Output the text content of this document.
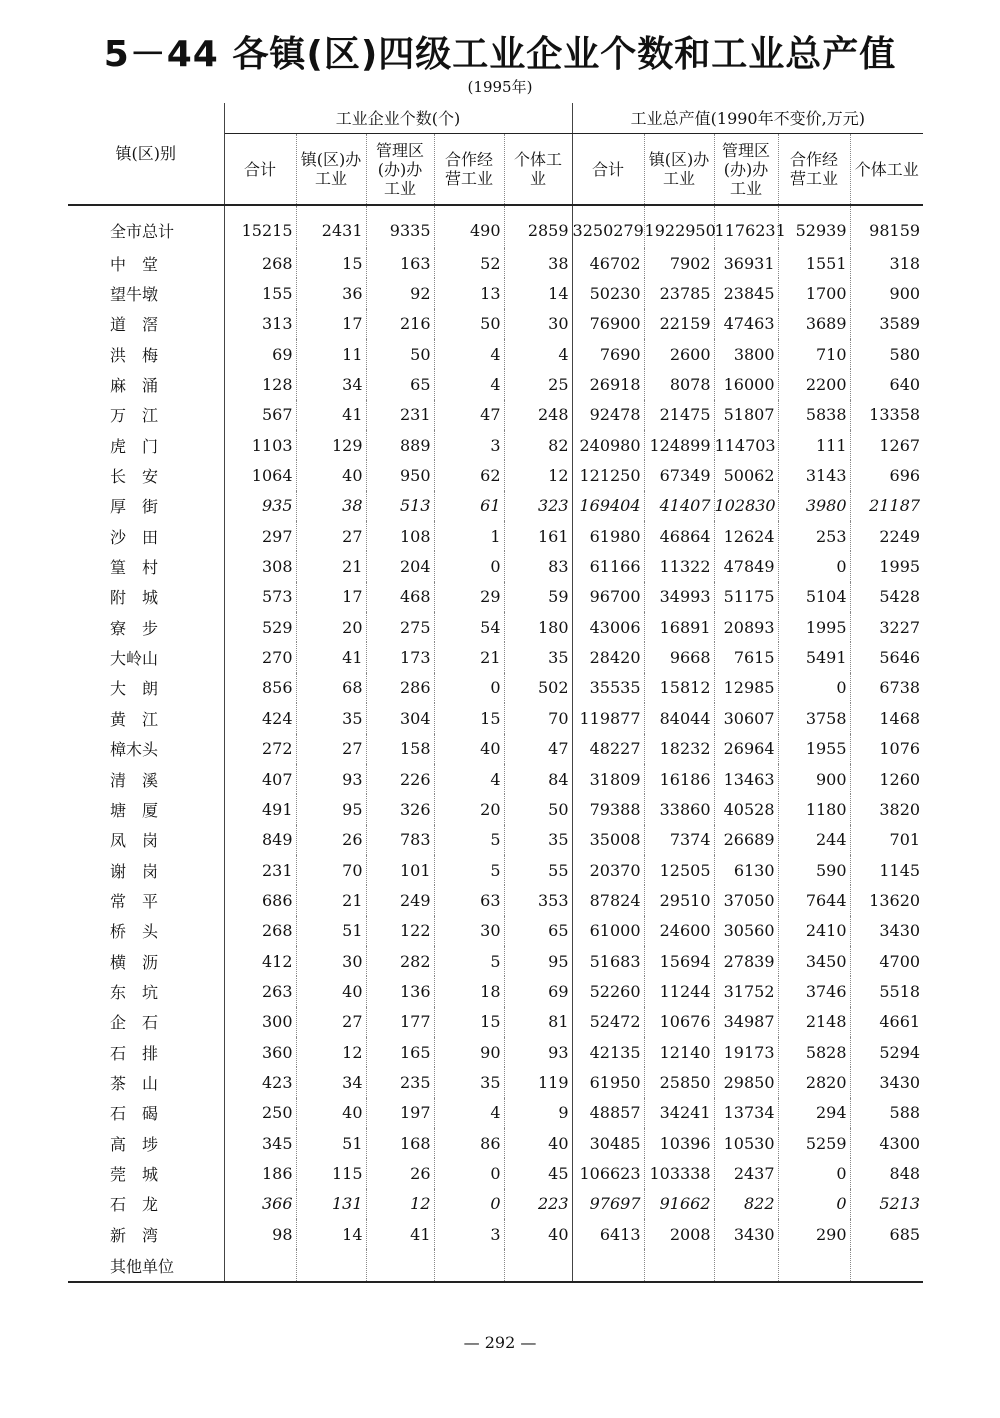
5－44 各镇(区)四级工业企业个数和工业总产值
(1995年)
镇(区)别	工业企业个数(个)					工业总产值(1990年不变价,万元)				
	合计	镇(区)办工业	管理区(办)办工业	合作经营工业	个体工业	合计	镇(区)办工业	管理区(办)办工业	合作经营工业	个体工业
全市总计	15215	2431	9335	490	2859	3250279	1922950	1176231	52939	98159
中堂	268	15	163	52	38	46702	7902	36931	1551	318
望牛墩	155	36	92	13	14	50230	23785	23845	1700	900
道滘	313	17	216	50	30	76900	22159	47463	3689	3589
洪梅	69	11	50	4	4	7690	2600	3800	710	580
麻涌	128	34	65	4	25	26918	8078	16000	2200	640
万江	567	41	231	47	248	92478	21475	51807	5838	13358
虎门	1103	129	889	3	82	240980	124899	114703	111	1267
长安	1064	40	950	62	12	121250	67349	50062	3143	696
厚街	935	38	513	61	323	169404	41407	102830	3980	21187
沙田	297	27	108	1	161	61980	46864	12624	253	2249
篁村	308	21	204	0	83	61166	11322	47849	0	1995
附城	573	17	468	29	59	96700	34993	51175	5104	5428
寮步	529	20	275	54	180	43006	16891	20893	1995	3227
大岭山	270	41	173	21	35	28420	9668	7615	5491	5646
大朗	856	68	286	0	502	35535	15812	12985	0	6738
黄江	424	35	304	15	70	119877	84044	30607	3758	1468
樟木头	272	27	158	40	47	48227	18232	26964	1955	1076
清溪	407	93	226	4	84	31809	16186	13463	900	1260
塘厦	491	95	326	20	50	79388	33860	40528	1180	3820
凤岗	849	26	783	5	35	35008	7374	26689	244	701
谢岗	231	70	101	5	55	20370	12505	6130	590	1145
常平	686	21	249	63	353	87824	29510	37050	7644	13620
桥头	268	51	122	30	65	61000	24600	30560	2410	3430
横沥	412	30	282	5	95	51683	15694	27839	3450	4700
东坑	263	40	136	18	69	52260	11244	31752	3746	5518
企石	300	27	177	15	81	52472	10676	34987	2148	4661
石排	360	12	165	90	93	42135	12140	19173	5828	5294
茶山	423	34	235	35	119	61950	25850	29850	2820	3430
石碣	250	40	197	4	9	48857	34241	13734	294	588
高埗	345	51	168	86	40	30485	10396	10530	5259	4300
莞城	186	115	26	0	45	106623	103338	2437	0	848
石龙	366	131	12	0	223	97697	91662	822	0	5213
新湾	98	14	41	3	40	6413	2008	3430	290	685
其他单位										
— 292 —
